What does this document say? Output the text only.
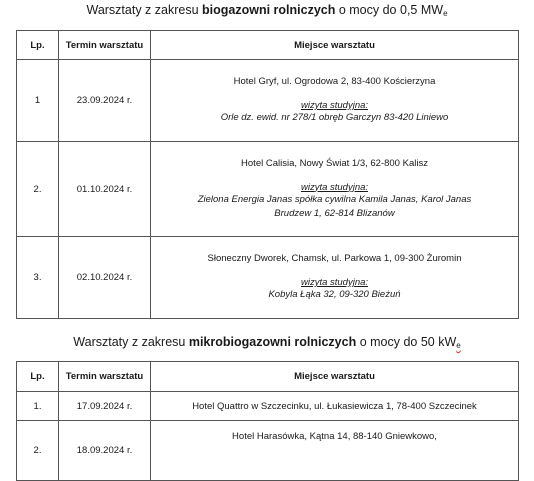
Warsztaty z zakresu biogazowni rolniczych o mocy do 0,5 $MW_e$
Lp.	Termin warsztatu	Miejsce warsztatu
1	23.09.2024 r.	Hotel Gryf, ul. Ogrodowa 2, 83-400 Kościerzyna
wizyta studyjna:
Orle dz. ewid. nr 278/1 obręb Garczyn 83-420 Liniewo

2.	01.10.2024 r.	Hotel Calisia, Nowy Świat 1/3, 62-800 Kalisz
wizyta studyjna:
Zielona Energia Janas spółka cywilna Kamila Janas, Karol Janas
Brudzew 1, 62-814 Blizanów

3.	02.10.2024 r.	Słoneczny Dworek, Chamsk, ul. Parkowa 1, 09-300 Żuromin
wizyta studyjna:
Kobyla Łąka 32, 09-320 Bieżuń
Warsztaty z zakresu mikrobiogazowni rolniczych o mocy do 50 $kW_e$
Lp.	Termin warsztatu	Miejsce warsztatu
1.	17.09.2024 r.	Hotel Quattro w Szczecinku, ul. Łukasiewicza 1, 78-400 Szczecinek
2.	18.09.2024 r.	Hotel Harasówka, Kątna 14, 88-140 Gniewkowo,
